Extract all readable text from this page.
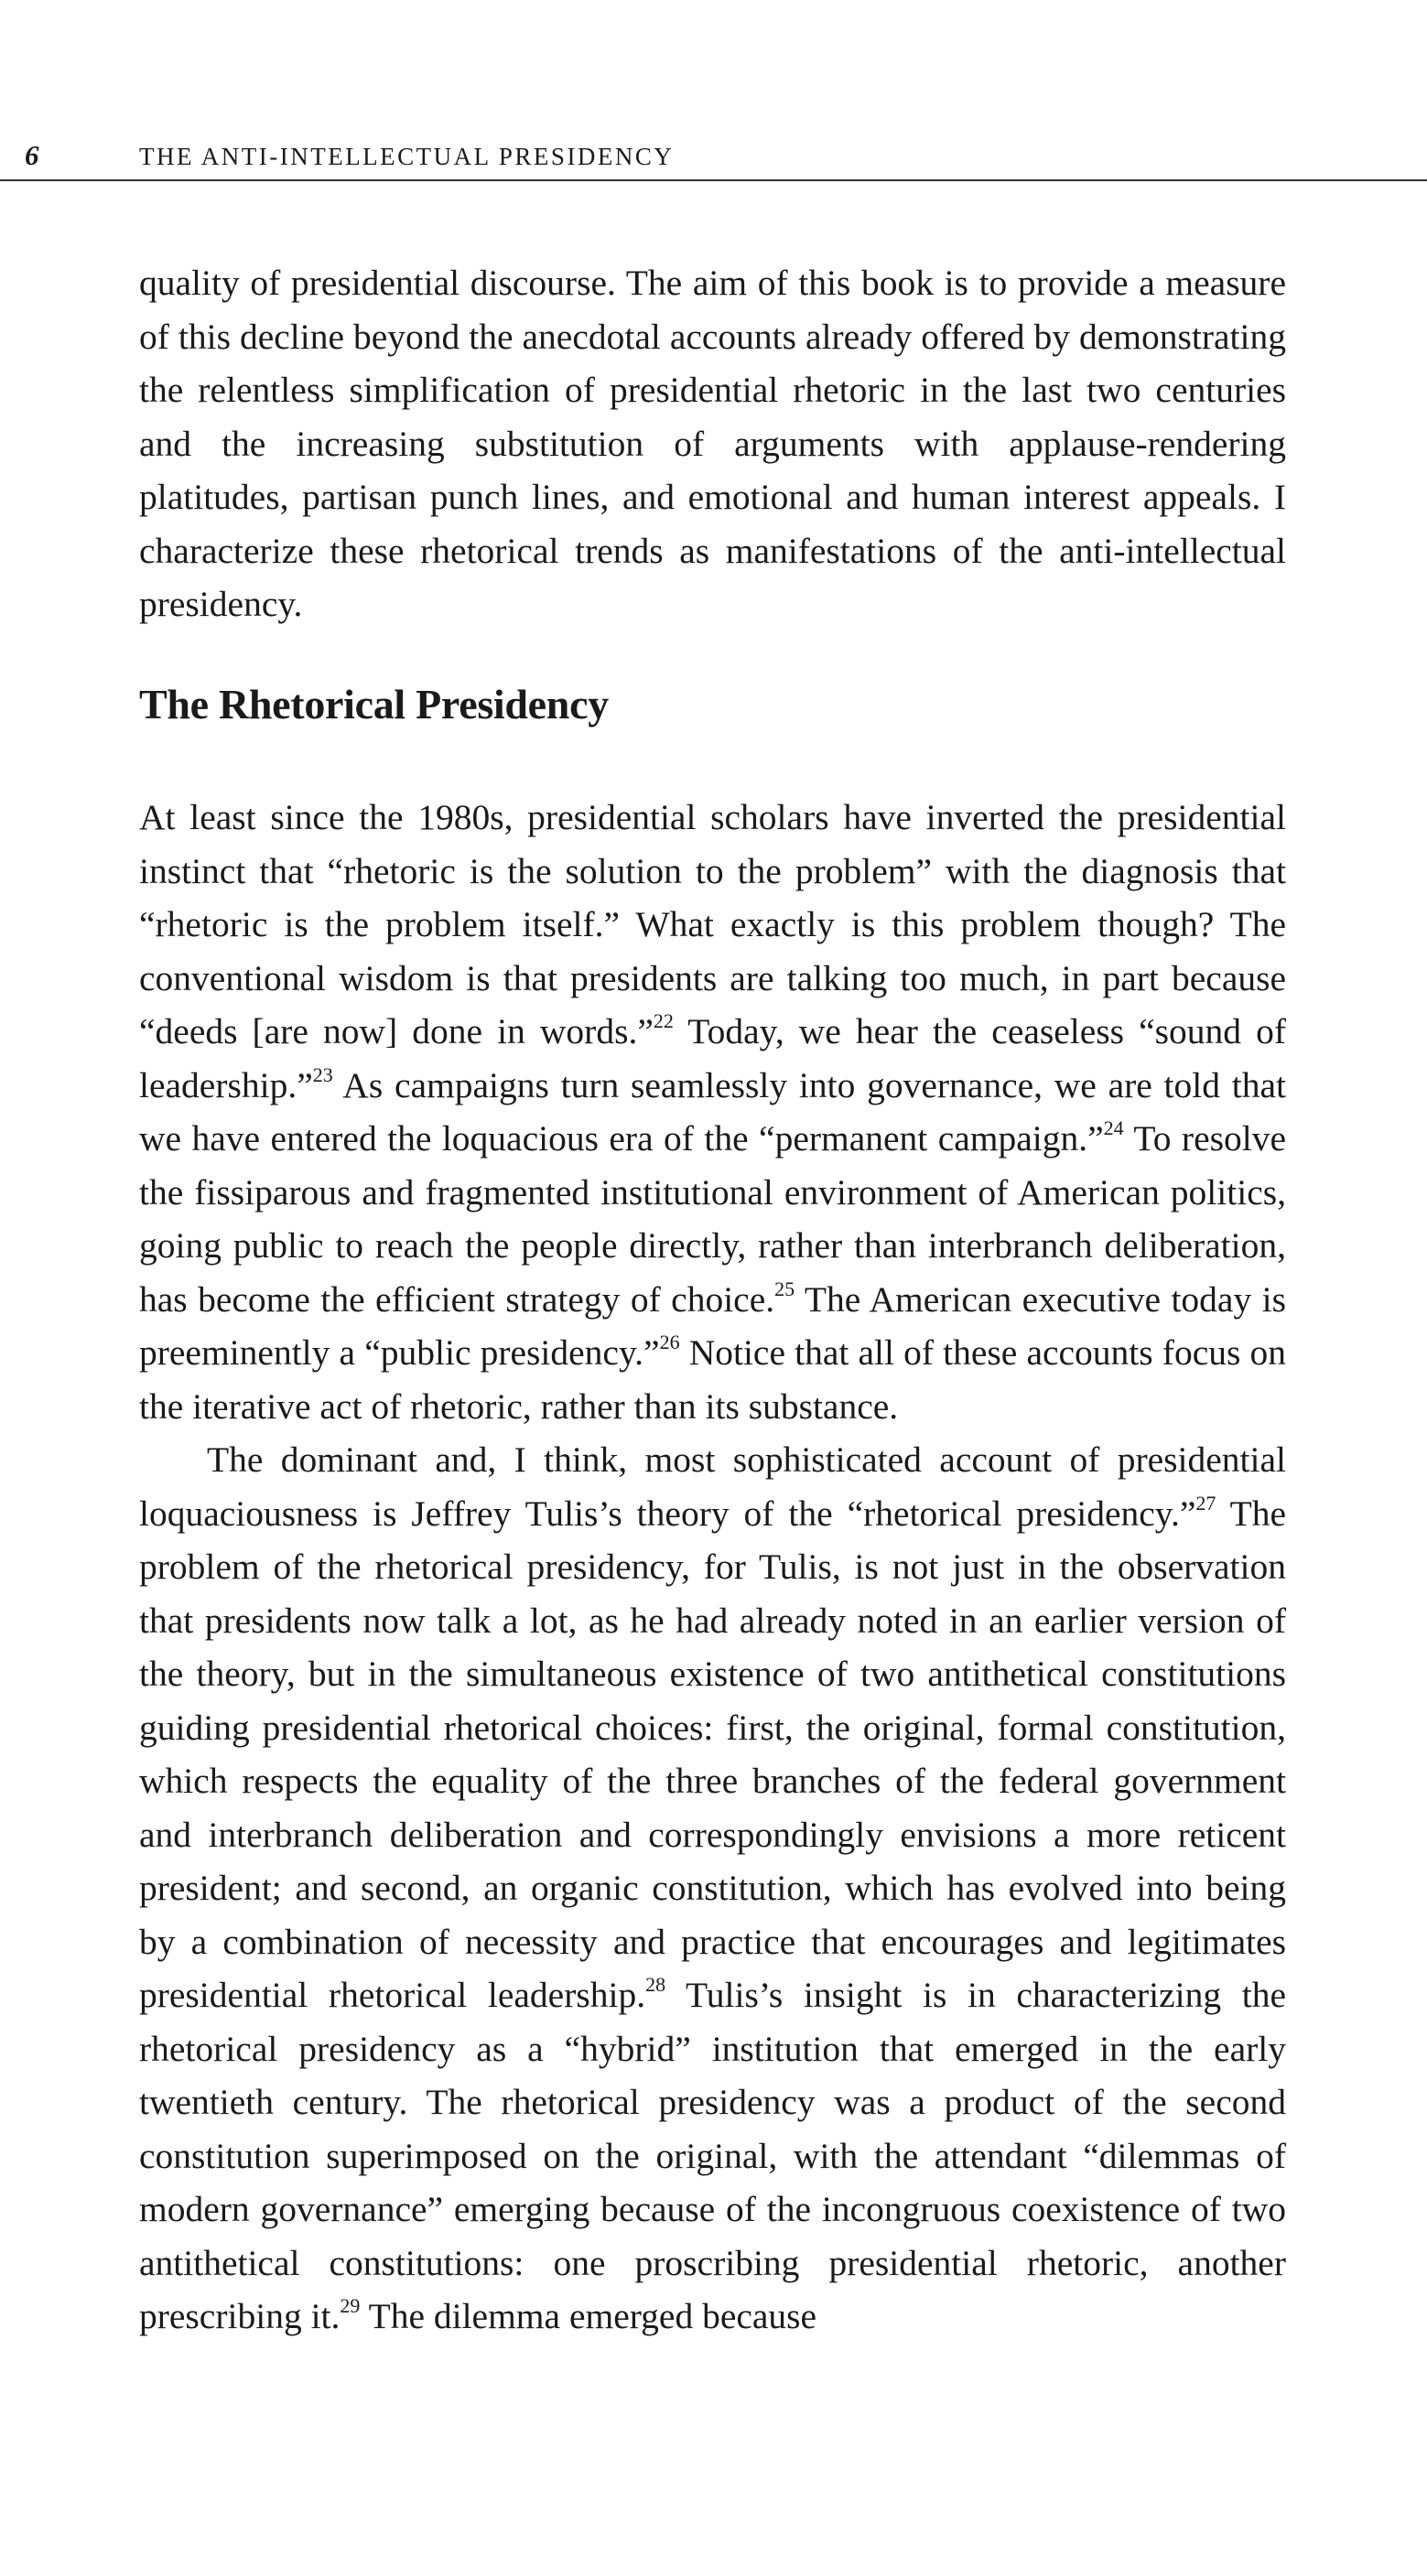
6	THE ANTI-INTELLECTUAL PRESIDENCY

quality of presidential discourse. The aim of this book is to provide a measure of this decline beyond the anecdotal accounts already offered by demonstrating the relentless simplification of presidential rhetoric in the last two centuries and the increasing substitution of arguments with applause-rendering platitudes, partisan punch lines, and emotional and human interest appeals. I characterize these rhetorical trends as manifestations of the anti-intellectual presidency.

The Rhetorical Presidency

At least since the 1980s, presidential scholars have inverted the presidential instinct that “rhetoric is the solution to the problem” with the diagnosis that “rhetoric is the problem itself.” What exactly is this problem though? The conventional wisdom is that presidents are talking too much, in part because “deeds [are now] done in words.”$^{22}$ Today, we hear the ceaseless “sound of leadership.”$^{23}$ As campaigns turn seamlessly into governance, we are told that we have entered the loquacious era of the “permanent campaign.”$^{24}$ To resolve the fissiparous and fragmented institutional environment of American politics, going public to reach the people directly, rather than interbranch deliberation, has become the efficient strategy of choice.$^{25}$ The American executive today is preeminently a “public presidency.”$^{26}$ Notice that all of these accounts focus on the iterative act of rhetoric, rather than its substance.

The dominant and, I think, most sophisticated account of presidential loquaciousness is Jeffrey Tulis’s theory of the “rhetorical presidency.”$^{27}$ The problem of the rhetorical presidency, for Tulis, is not just in the observation that presidents now talk a lot, as he had already noted in an earlier version of the theory, but in the simultaneous existence of two antithetical constitutions guiding presidential rhetorical choices: first, the original, formal constitution, which respects the equality of the three branches of the federal government and interbranch deliberation and correspondingly envisions a more reticent president; and second, an organic constitution, which has evolved into being by a combination of necessity and practice that encourages and legitimates presidential rhetorical leadership.$^{28}$ Tulis’s insight is in characterizing the rhetorical presidency as a “hybrid” institution that emerged in the early twentieth century. The rhetorical presidency was a product of the second constitution superimposed on the original, with the attendant “dilemmas of modern governance” emerging because of the incongruous coexistence of two antithetical constitutions: one proscribing presidential rhetoric, another prescribing it.$^{29}$ The dilemma emerged because
